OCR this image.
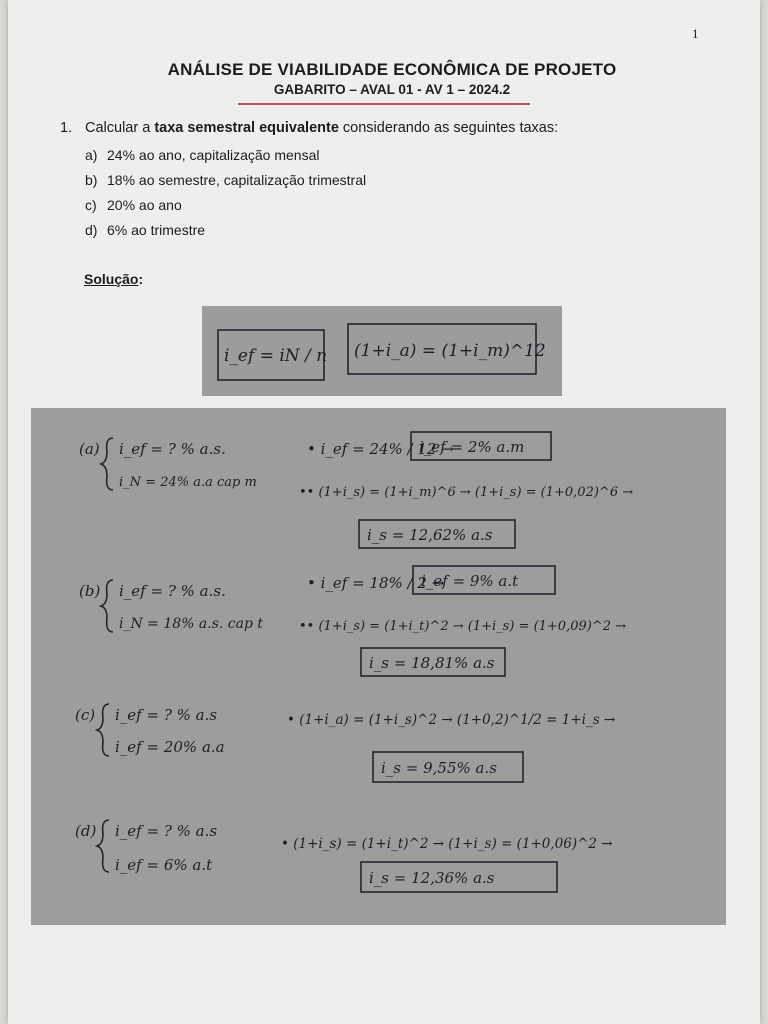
1
ANÁLISE DE VIABILIDADE ECONÔMICA DE PROJETO
GABARITO – AVAL 01 - AV 1 – 2024.2
1. Calcular a taxa semestral equivalente considerando as seguintes taxas:
a) 24% ao ano, capitalização mensal
b) 18% ao semestre, capitalização trimestral
c) 20% ao ano
d) 6% ao trimestre
Solução:
i_ef = iN / n (1+i_a) = (1+i_m)^12
(a) i_ef = ? % a.s.
i_N = 24% a.a cap m
• i_ef = 24% / 12 →
i_ef = 2% a.m
•• (1+i_s) = (1+i_m)^6 → (1+i_s) = (1+0,02)^6 →
i_s = 12,62% a.s
(b) i_ef = ? % a.s.
i_N = 18% a.s. cap t
• i_ef = 18% / 2 →
i_ef = 9% a.t
•• (1+i_s) = (1+i_t)^2 → (1+i_s) = (1+0,09)^2 →
i_s = 18,81% a.s
(c) i_ef = ? % a.s
i_ef = 20% a.a
• (1+i_a) = (1+i_s)^2 → (1+0,2)^1/2 = 1+i_s →
i_s = 9,55% a.s
(d) i_ef = ? % a.s
i_ef = 6% a.t
• (1+i_s) = (1+i_t)^2 → (1+i_s) = (1+0,06)^2 →
i_s = 12,36% a.s
